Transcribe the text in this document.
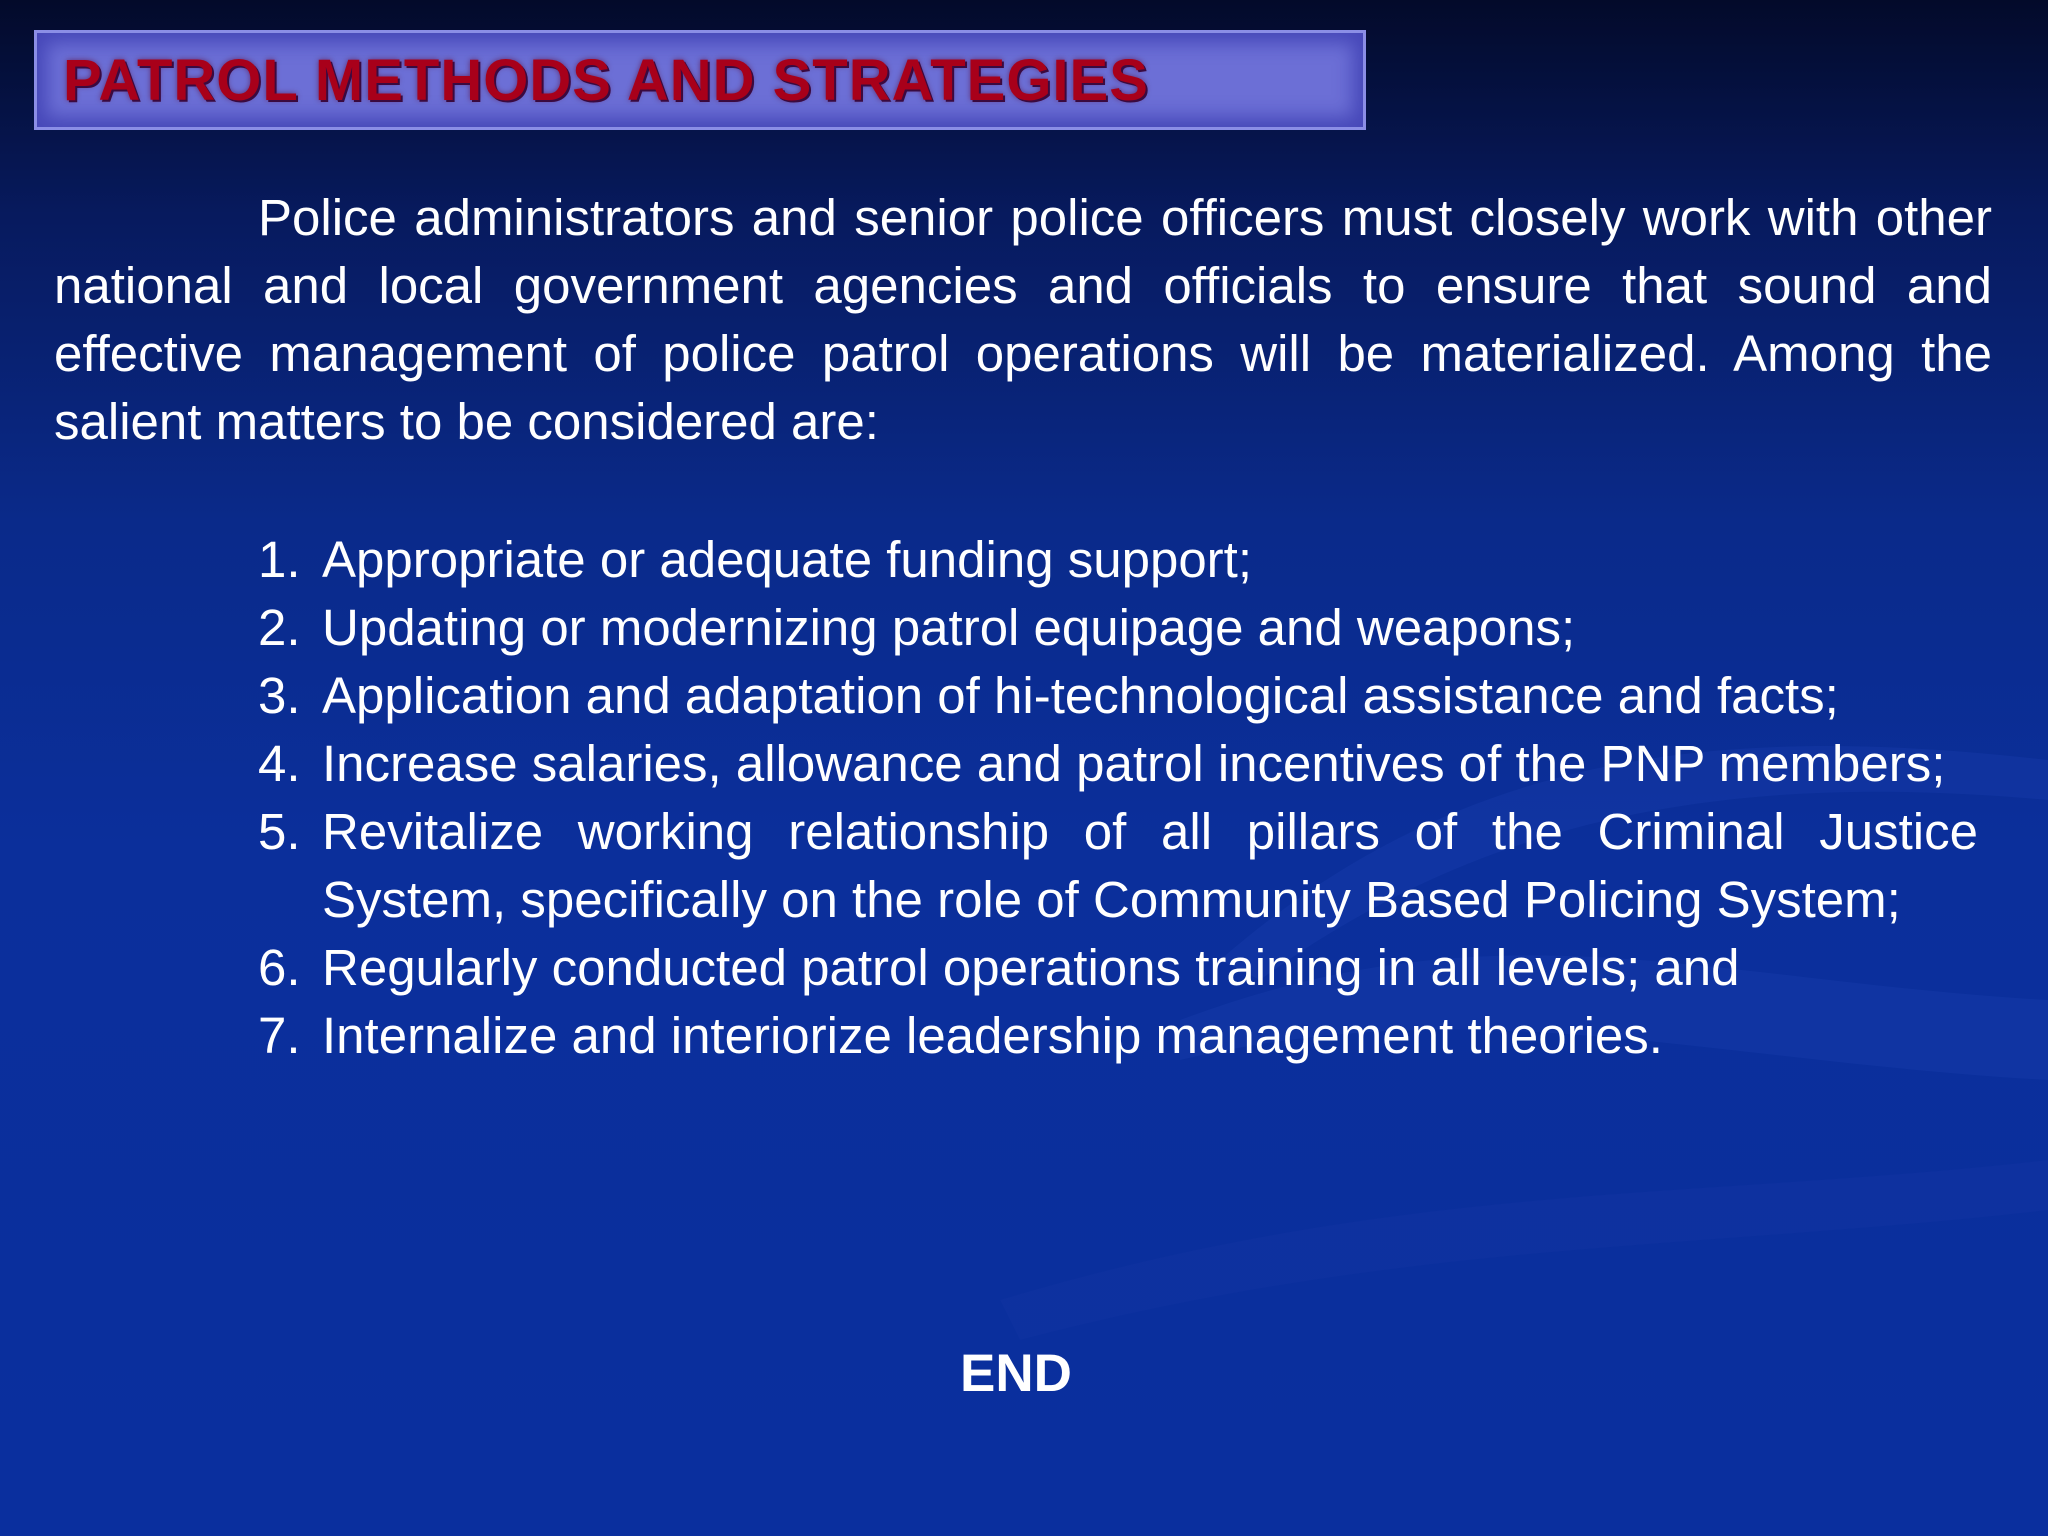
PATROL METHODS AND STRATEGIES

Police administrators and senior police officers must closely work with other national and local government agencies and officials to ensure that sound and effective management of police patrol operations will be materialized. Among the salient matters to be considered are:

1. Appropriate or adequate funding support;
2. Updating or modernizing patrol equipage and weapons;
3. Application and adaptation of hi-technological assistance and facts;
4. Increase salaries, allowance and patrol incentives of the PNP members;
5. Revitalize working relationship of all pillars of the Criminal Justice System, specifically on the role of Community Based Policing System;
6. Regularly conducted patrol operations training in all levels; and
7. Internalize and interiorize leadership management theories.
END
